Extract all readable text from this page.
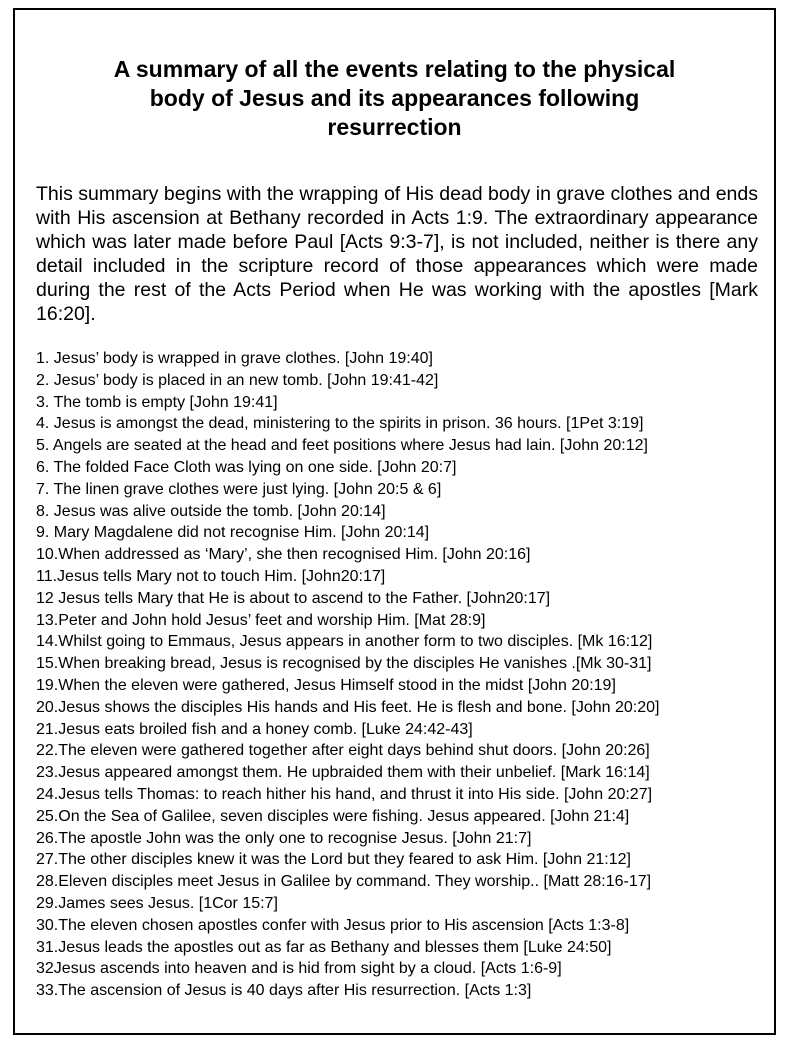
A summary of all the events relating to the physical
body of Jesus and its appearances following
resurrection

This summary begins with the wrapping of His dead body in grave clothes and ends with His ascension at Bethany recorded in Acts 1:9. The extraordinary appearance which was later made before Paul [Acts 9:3-7], is not included, neither is there any detail included in the scripture record of those appearances which were made during the rest of the Acts Period when He was working with the apostles [Mark 16:20].

1. Jesus’ body is wrapped in grave clothes. [John 19:40]
2. Jesus’ body is placed in an new tomb. [John 19:41-42]
3. The tomb is empty [John 19:41]
4. Jesus is amongst the dead, ministering to the spirits in prison. 36 hours. [1Pet 3:19]
5. Angels are seated at the head and feet positions where Jesus had lain. [John 20:12]
6. The folded Face Cloth was lying on one side. [John 20:7]
7. The linen grave clothes were just lying. [John 20:5 & 6]
8. Jesus was alive outside the tomb. [John 20:14]
9. Mary Magdalene did not recognise Him. [John 20:14]
10.When addressed as ‘Mary’, she then recognised Him. [John 20:16]
11.Jesus tells Mary not to touch Him. [John20:17]
12 Jesus tells Mary that He is about to ascend to the Father. [John20:17]
13.Peter and John hold Jesus’ feet and worship Him. [Mat 28:9]
14.Whilst going to Emmaus, Jesus appears in another form to two disciples. [Mk 16:12]
15.When breaking bread, Jesus is recognised by the disciples He vanishes .[Mk 30-31]
19.When the eleven were gathered, Jesus Himself stood in the midst [John 20:19]
20.Jesus shows the disciples His hands and His feet. He is flesh and bone. [John 20:20]
21.Jesus eats broiled fish and a honey comb. [Luke 24:42-43]
22.The eleven were gathered together after eight days behind shut doors. [John 20:26]
23.Jesus appeared amongst them. He upbraided them with their unbelief. [Mark 16:14]
24.Jesus tells Thomas: to reach hither his hand, and thrust it into His side. [John 20:27]
25.On the Sea of Galilee, seven disciples were fishing. Jesus appeared. [John 21:4]
26.The apostle John was the only one to recognise Jesus. [John 21:7]
27.The other disciples knew it was the Lord but they feared to ask Him. [John 21:12]
28.Eleven disciples meet Jesus in Galilee by command. They worship.. [Matt 28:16-17]
29.James sees Jesus. [1Cor 15:7]
30.The eleven chosen apostles confer with Jesus prior to His ascension [Acts 1:3-8]
31.Jesus leads the apostles out as far as Bethany and blesses them [Luke 24:50]
32Jesus ascends into heaven and is hid from sight by a cloud. [Acts 1:6-9]
33.The ascension of Jesus is 40 days after His resurrection. [Acts 1:3]
